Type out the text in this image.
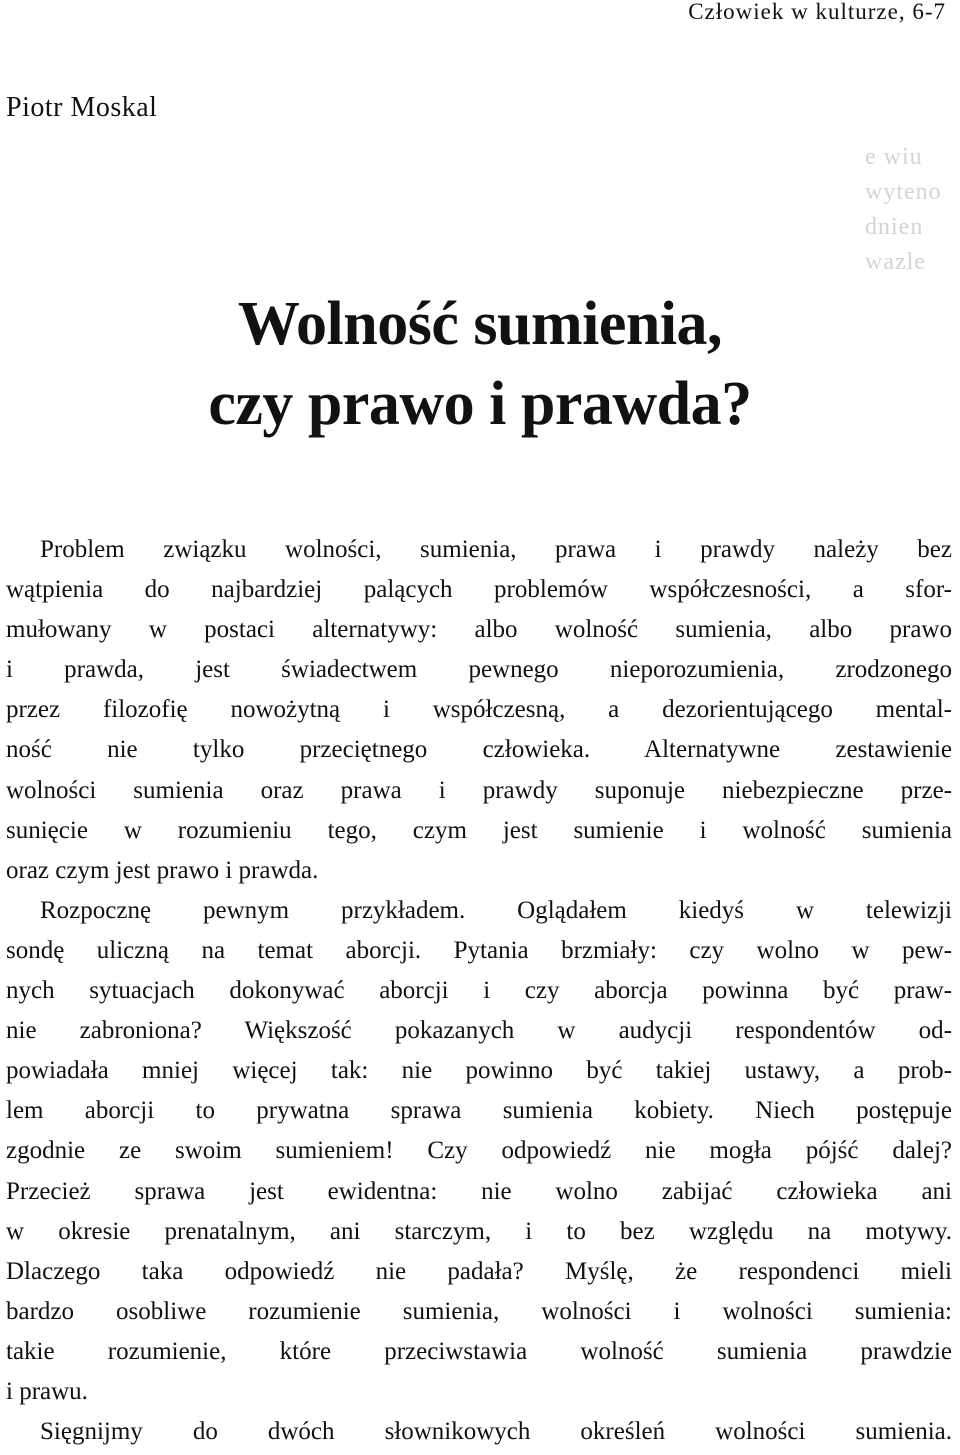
Człowiek w kulturze, 6-7
Piotr Moskal
e wiu
wyteno
dnien
wazle
Wolność sumienia,
czy prawo i prawda?
Problem związku wolności, sumienia, prawa i prawdy należy bez
wątpienia do najbardziej palących problemów współczesności, a sfor-
mułowany w postaci alternatywy: albo wolność sumienia, albo prawo
i prawda, jest świadectwem pewnego nieporozumienia, zrodzonego
przez filozofię nowożytną i współczesną, a dezorientującego mental-
ność nie tylko przeciętnego człowieka. Alternatywne zestawienie
wolności sumienia oraz prawa i prawdy suponuje niebezpieczne prze-
sunięcie w rozumieniu tego, czym jest sumienie i wolność sumienia
oraz czym jest prawo i prawda.
Rozpocznę pewnym przykładem. Oglądałem kiedyś w telewizji
sondę uliczną na temat aborcji. Pytania brzmiały: czy wolno w pew-
nych sytuacjach dokonywać aborcji i czy aborcja powinna być praw-
nie zabroniona? Większość pokazanych w audycji respondentów od-
powiadała mniej więcej tak: nie powinno być takiej ustawy, a prob-
lem aborcji to prywatna sprawa sumienia kobiety. Niech postępuje
zgodnie ze swoim sumieniem! Czy odpowiedź nie mogła pójść dalej?
Przecież sprawa jest ewidentna: nie wolno zabijać człowieka ani
w okresie prenatalnym, ani starczym, i to bez względu na motywy.
Dlaczego taka odpowiedź nie padała? Myślę, że respondenci mieli
bardzo osobliwe rozumienie sumienia, wolności i wolności sumienia:
takie rozumienie, które przeciwstawia wolność sumienia prawdzie
i prawu.
Sięgnijmy do dwóch słownikowych określeń wolności sumienia.
